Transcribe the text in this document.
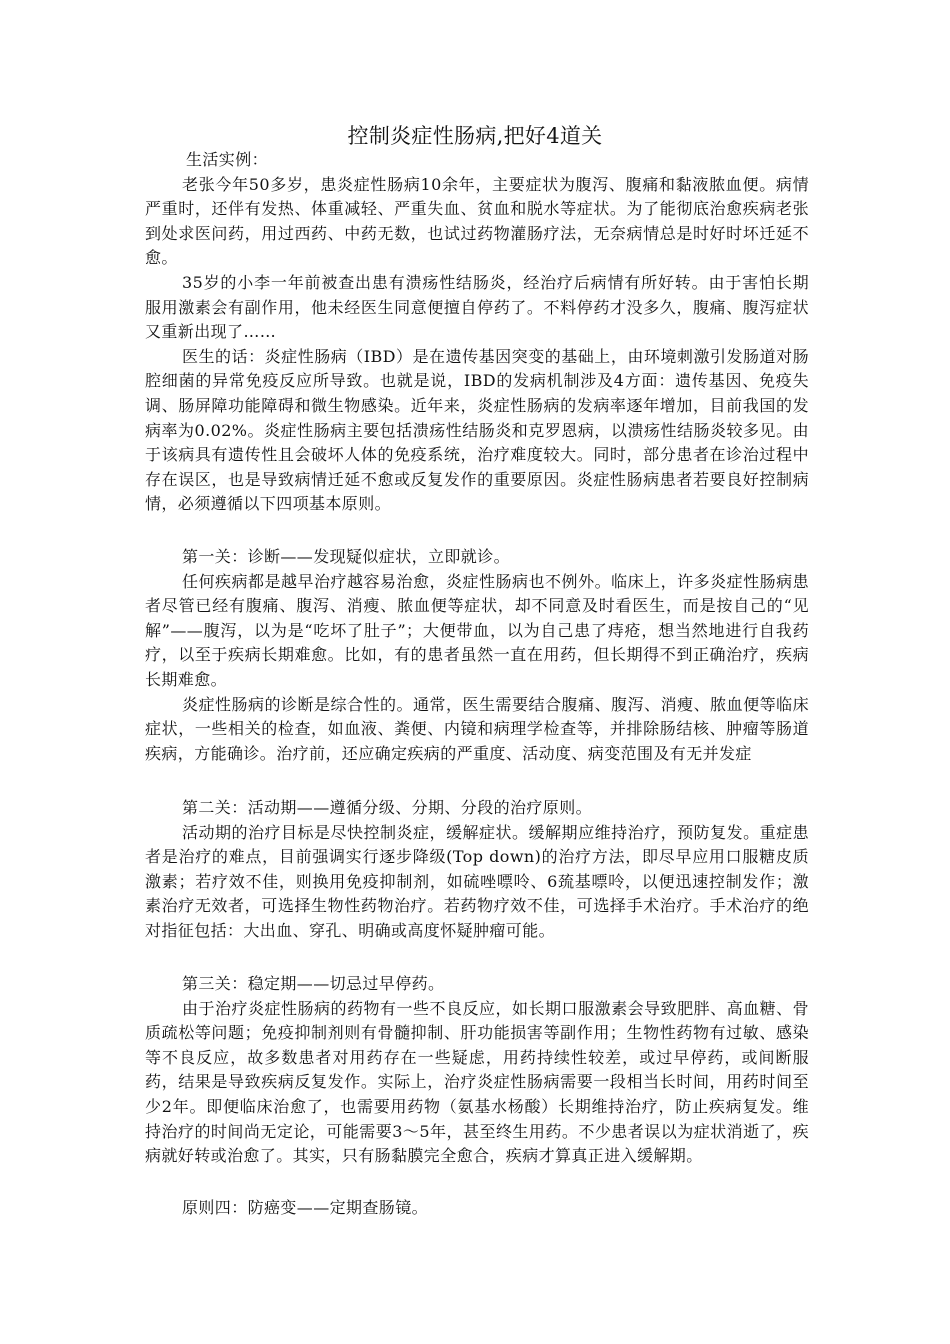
控制炎症性肠病,把好4道关

生活实例：

老张今年50多岁，患炎症性肠病10余年，主要症状为腹泻、腹痛和黏液脓血便。病情严重时，还伴有发热、体重减轻、严重失血、贫血和脱水等症状。为了能彻底治愈疾病老张到处求医问药，用过西药、中药无数，也试过药物灌肠疗法，无奈病情总是时好时坏迁延不愈。

35岁的小李一年前被查出患有溃疡性结肠炎，经治疗后病情有所好转。由于害怕长期服用激素会有副作用，他未经医生同意便擅自停药了。不料停药才没多久，腹痛、腹泻症状又重新出现了……

医生的话：炎症性肠病（IBD）是在遗传基因突变的基础上，由环境刺激引发肠道对肠腔细菌的异常免疫反应所导致。也就是说，IBD的发病机制涉及4方面：遗传基因、免疫失调、肠屏障功能障碍和微生物感染。近年来，炎症性肠病的发病率逐年增加，目前我国的发病率为0.02%。炎症性肠病主要包括溃疡性结肠炎和克罗恩病，以溃疡性结肠炎较多见。由于该病具有遗传性且会破坏人体的免疫系统，治疗难度较大。同时，部分患者在诊治过程中存在误区，也是导致病情迁延不愈或反复发作的重要原因。炎症性肠病患者若要良好控制病情，必须遵循以下四项基本原则。

第一关：诊断——发现疑似症状，立即就诊。

任何疾病都是越早治疗越容易治愈，炎症性肠病也不例外。临床上，许多炎症性肠病患者尽管已经有腹痛、腹泻、消瘦、脓血便等症状，却不同意及时看医生，而是按自己的“见解”——腹泻，以为是“吃坏了肚子”；大便带血，以为自己患了痔疮，想当然地进行自我药疗，以至于疾病长期难愈。比如，有的患者虽然一直在用药，但长期得不到正确治疗，疾病长期难愈。

炎症性肠病的诊断是综合性的。通常，医生需要结合腹痛、腹泻、消瘦、脓血便等临床症状，一些相关的检查，如血液、粪便、内镜和病理学检查等，并排除肠结核、肿瘤等肠道疾病，方能确诊。治疗前，还应确定疾病的严重度、活动度、病变范围及有无并发症

第二关：活动期——遵循分级、分期、分段的治疗原则。

活动期的治疗目标是尽快控制炎症，缓解症状。缓解期应维持治疗，预防复发。重症患者是治疗的难点，目前强调实行逐步降级(Top down)的治疗方法，即尽早应用口服糖皮质激素；若疗效不佳，则换用免疫抑制剂，如硫唑嘌呤、6巯基嘌呤，以便迅速控制发作；激素治疗无效者，可选择生物性药物治疗。若药物疗效不佳，可选择手术治疗。手术治疗的绝对指征包括：大出血、穿孔、明确或高度怀疑肿瘤可能。

第三关：稳定期——切忌过早停药。

由于治疗炎症性肠病的药物有一些不良反应，如长期口服激素会导致肥胖、高血糖、骨质疏松等问题；免疫抑制剂则有骨髓抑制、肝功能损害等副作用；生物性药物有过敏、感染等不良反应，故多数患者对用药存在一些疑虑，用药持续性较差，或过早停药，或间断服药，结果是导致疾病反复发作。实际上，治疗炎症性肠病需要一段相当长时间，用药时间至少2年。即便临床治愈了，也需要用药物（氨基水杨酸）长期维持治疗，防止疾病复发。维持治疗的时间尚无定论，可能需要3～5年，甚至终生用药。不少患者误以为症状消逝了，疾病就好转或治愈了。其实，只有肠黏膜完全愈合，疾病才算真正进入缓解期。

原则四：防癌变——定期查肠镜。
